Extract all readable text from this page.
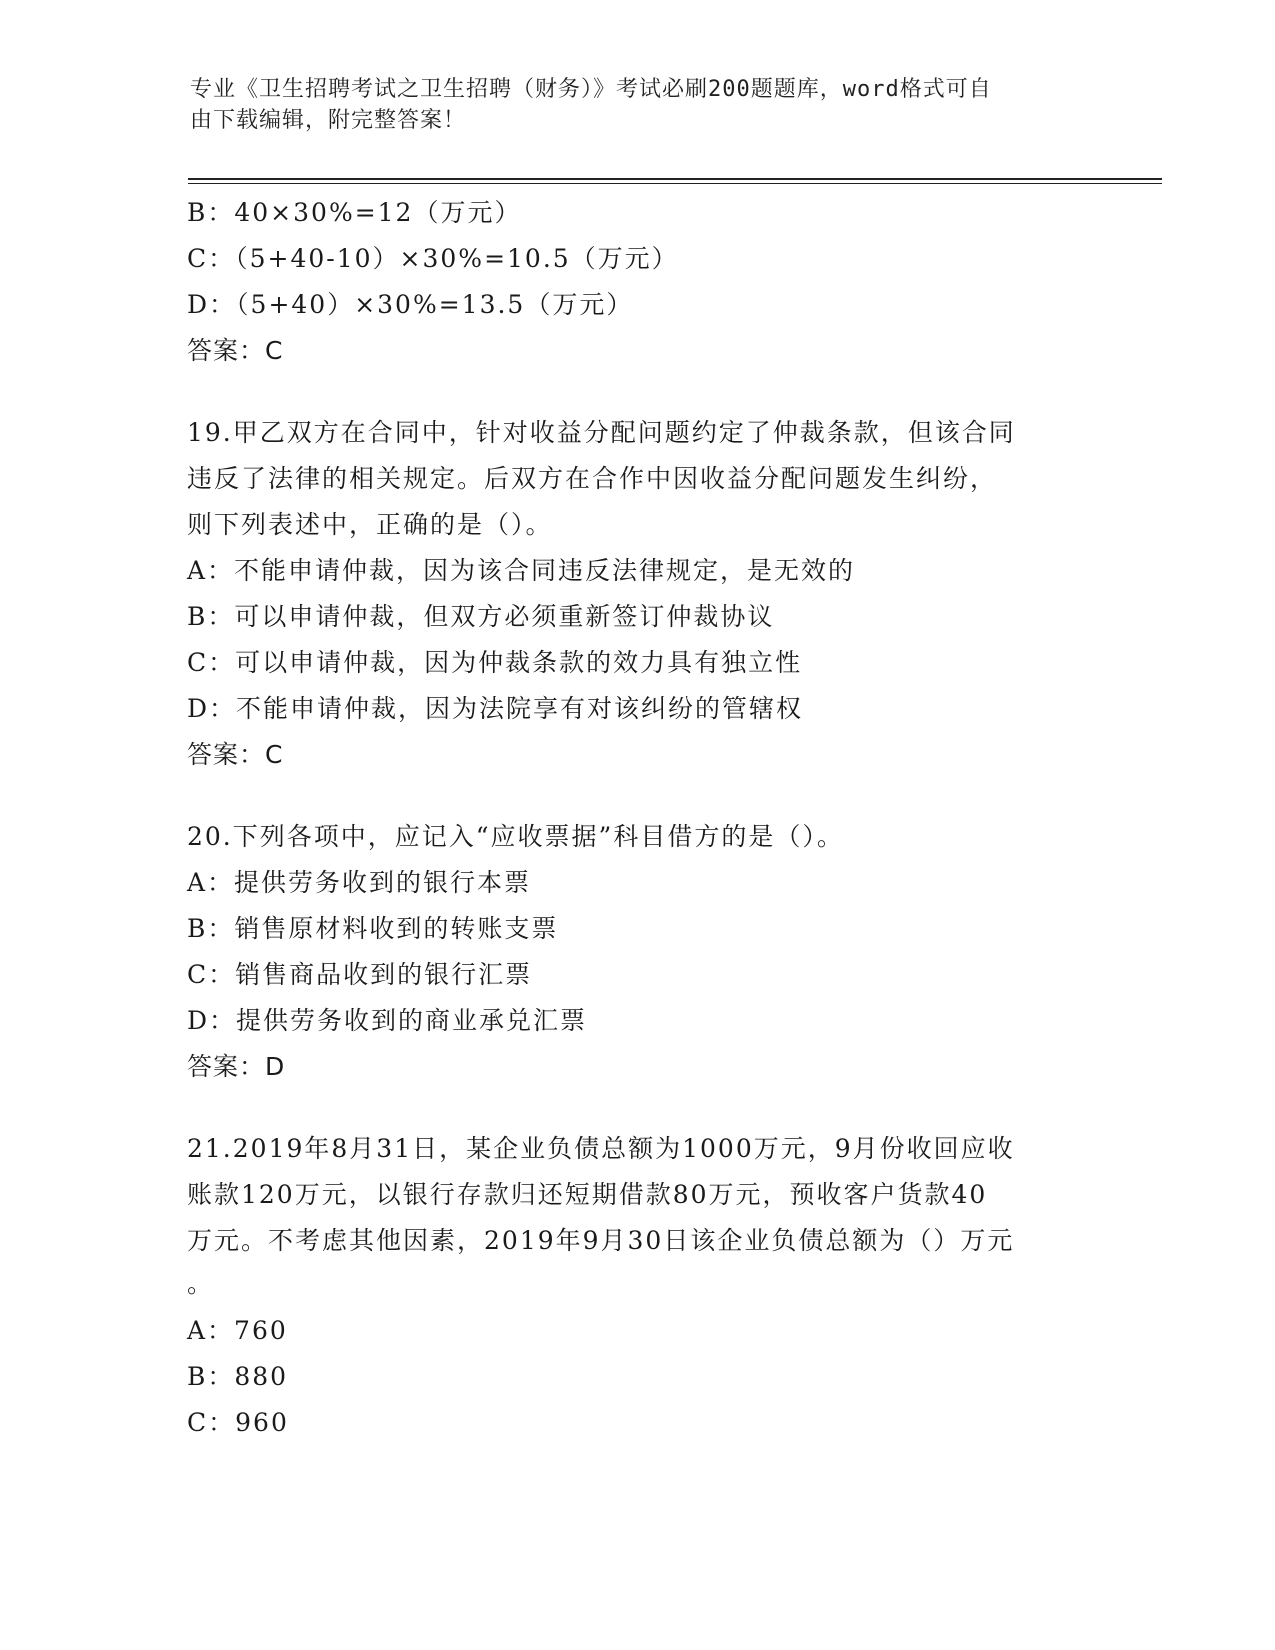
专业《卫生招聘考试之卫生招聘（财务）》考试必刷200题题库，word格式可自
由下载编辑，附完整答案！
B：40×30%=12（万元）
C：（5+40-10）×30%=10.5（万元）
D：（5+40）×30%=13.5（万元）
答案：C
19.甲乙双方在合同中，针对收益分配问题约定了仲裁条款，但该合同
违反了法律的相关规定。后双方在合作中因收益分配问题发生纠纷，
则下列表述中，正确的是（）。
A：不能申请仲裁，因为该合同违反法律规定，是无效的
B：可以申请仲裁，但双方必须重新签订仲裁协议
C：可以申请仲裁，因为仲裁条款的效力具有独立性
D：不能申请仲裁，因为法院享有对该纠纷的管辖权
答案：C
20.下列各项中，应记入“应收票据”科目借方的是（）。
A：提供劳务收到的银行本票
B：销售原材料收到的转账支票
C：销售商品收到的银行汇票
D：提供劳务收到的商业承兑汇票
答案：D
21.2019年8月31日，某企业负债总额为1000万元，9月份收回应收
账款120万元，以银行存款归还短期借款80万元，预收客户货款40
万元。不考虑其他因素，2019年9月30日该企业负债总额为（）万元
。
A：760
B：880
C：960
